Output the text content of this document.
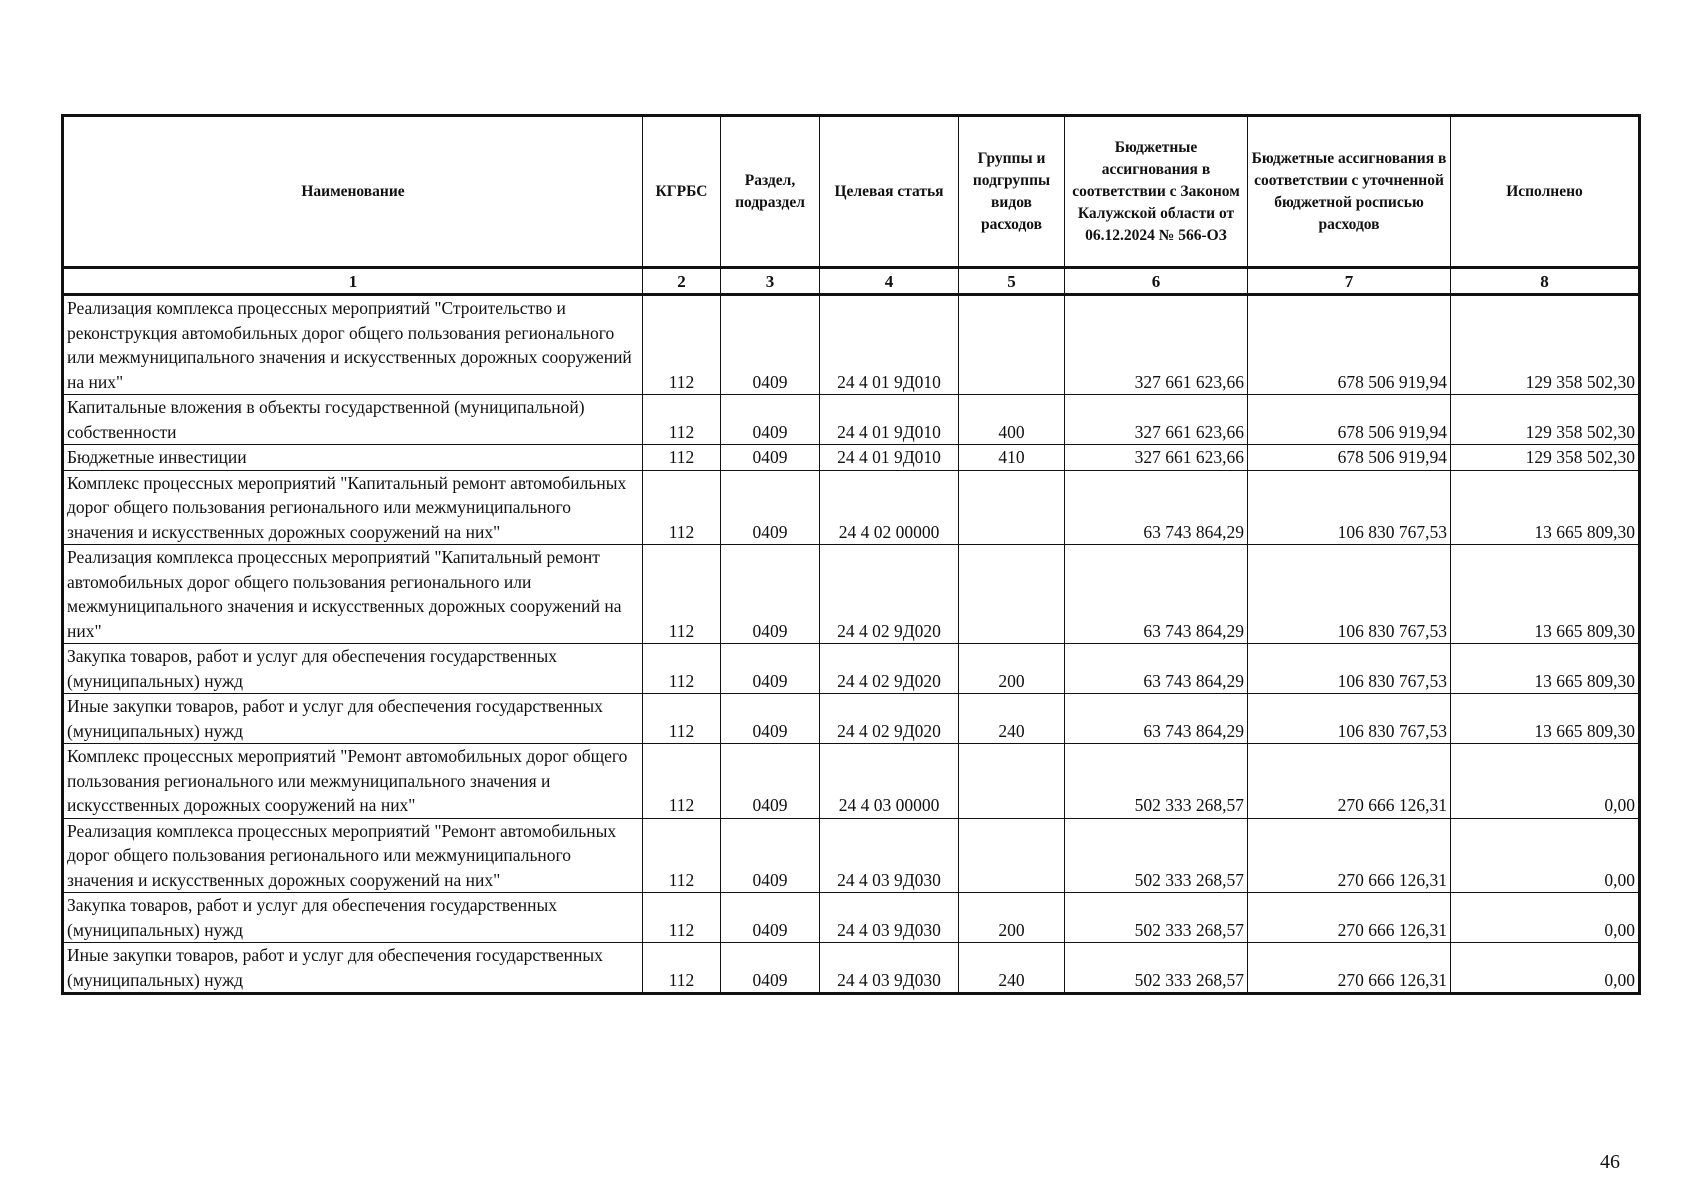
Наименование	КГРБС	Раздел, подраздел	Целевая статья	Группы и подгруппы видов расходов	Бюджетные ассигнования в соответствии с Законом Калужской области от 06.12.2024 № 566-ОЗ	Бюджетные ассигнования в соответствии с уточненной бюджетной росписью расходов	Исполнено
1	2	3	4	5	6	7	8
Реализация комплекса процессных мероприятий "Строительство и реконструкция автомобильных дорог общего пользования регионального или межмуниципального значения и искусственных дорожных сооружений на них"	112	0409	24 4 01 9Д010		327 661 623,66	678 506 919,94	129 358 502,30
Капитальные вложения в объекты государственной (муниципальной) собственности	112	0409	24 4 01 9Д010	400	327 661 623,66	678 506 919,94	129 358 502,30
Бюджетные инвестиции	112	0409	24 4 01 9Д010	410	327 661 623,66	678 506 919,94	129 358 502,30
Комплекс процессных мероприятий "Капитальный ремонт автомобильных дорог общего пользования регионального или межмуниципального значения и искусственных дорожных сооружений на них"	112	0409	24 4 02 00000		63 743 864,29	106 830 767,53	13 665 809,30
Реализация комплекса процессных мероприятий "Капитальный ремонт автомобильных дорог общего пользования регионального или межмуниципального значения и искусственных дорожных сооружений на них"	112	0409	24 4 02 9Д020		63 743 864,29	106 830 767,53	13 665 809,30
Закупка товаров, работ и услуг для обеспечения государственных (муниципальных) нужд	112	0409	24 4 02 9Д020	200	63 743 864,29	106 830 767,53	13 665 809,30
Иные закупки товаров, работ и услуг для обеспечения государственных (муниципальных) нужд	112	0409	24 4 02 9Д020	240	63 743 864,29	106 830 767,53	13 665 809,30
Комплекс процессных мероприятий "Ремонт автомобильных дорог общего пользования регионального или межмуниципального значения и искусственных дорожных сооружений на них"	112	0409	24 4 03 00000		502 333 268,57	270 666 126,31	0,00
Реализация комплекса процессных мероприятий "Ремонт автомобильных дорог общего пользования регионального или межмуниципального значения и искусственных дорожных сооружений на них"	112	0409	24 4 03 9Д030		502 333 268,57	270 666 126,31	0,00
Закупка товаров, работ и услуг для обеспечения государственных (муниципальных) нужд	112	0409	24 4 03 9Д030	200	502 333 268,57	270 666 126,31	0,00
Иные закупки товаров, работ и услуг для обеспечения государственных (муниципальных) нужд	112	0409	24 4 03 9Д030	240	502 333 268,57	270 666 126,31	0,00
46
